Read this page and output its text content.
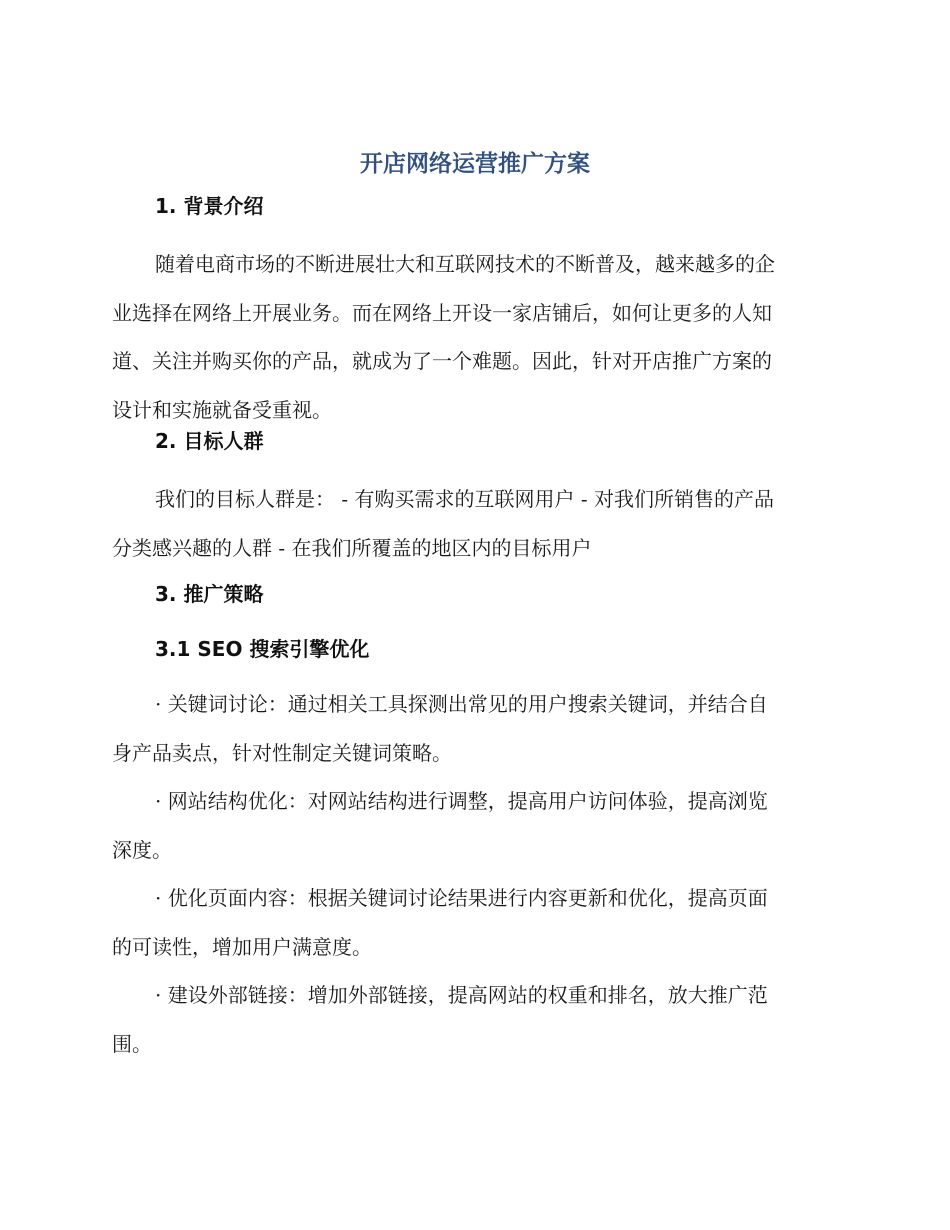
开店网络运营推广方案
1. 背景介绍
随着电商市场的不断进展壮大和互联网技术的不断普及，越来越多的企
业选择在网络上开展业务。而在网络上开设一家店铺后，如何让更多的人知
道、关注并购买你的产品，就成为了一个难题。因此，针对开店推广方案的
设计和实施就备受重视。
2. 目标人群
我们的目标人群是： - 有购买需求的互联网用户 - 对我们所销售的产品
分类感兴趣的人群 - 在我们所覆盖的地区内的目标用户
3. 推广策略
3.1 SEO 搜索引擎优化
· 关键词讨论：通过相关工具探测出常见的用户搜索关键词，并结合自
身产品卖点，针对性制定关键词策略。
· 网站结构优化：对网站结构进行调整，提高用户访问体验，提高浏览
深度。
· 优化页面内容：根据关键词讨论结果进行内容更新和优化，提高页面
的可读性，增加用户满意度。
· 建设外部链接：增加外部链接，提高网站的权重和排名，放大推广范
围。
